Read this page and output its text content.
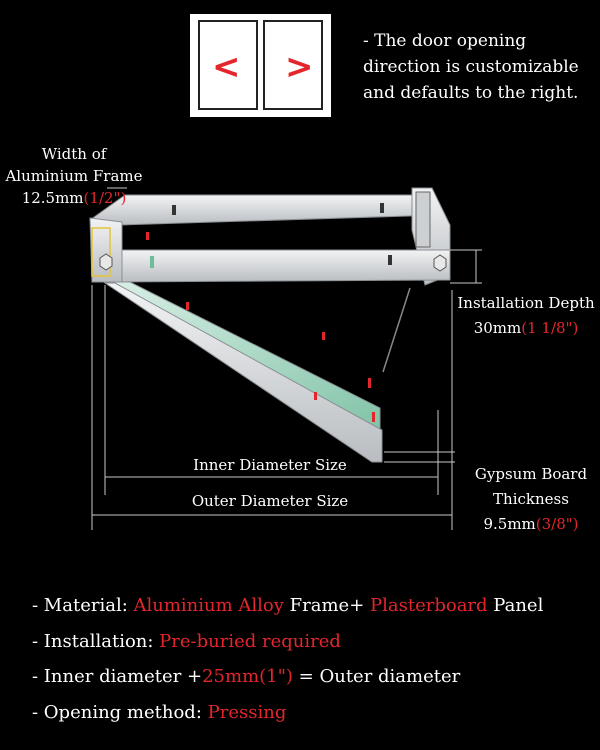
< >
- The door opening
direction is customizable
and defaults to the right.
Width of
Aluminium Frame
12.5mm(1/2")
Installation Depth
30mm(1 1/8")
Inner Diameter Size
Outer Diameter Size
Gypsum Board
Thickness
9.5mm(3/8")
- Material: Aluminium Alloy Frame+ Plasterboard Panel
- Installation: Pre-buried required
- Inner diameter +25mm(1") = Outer diameter
- Opening method: Pressing
